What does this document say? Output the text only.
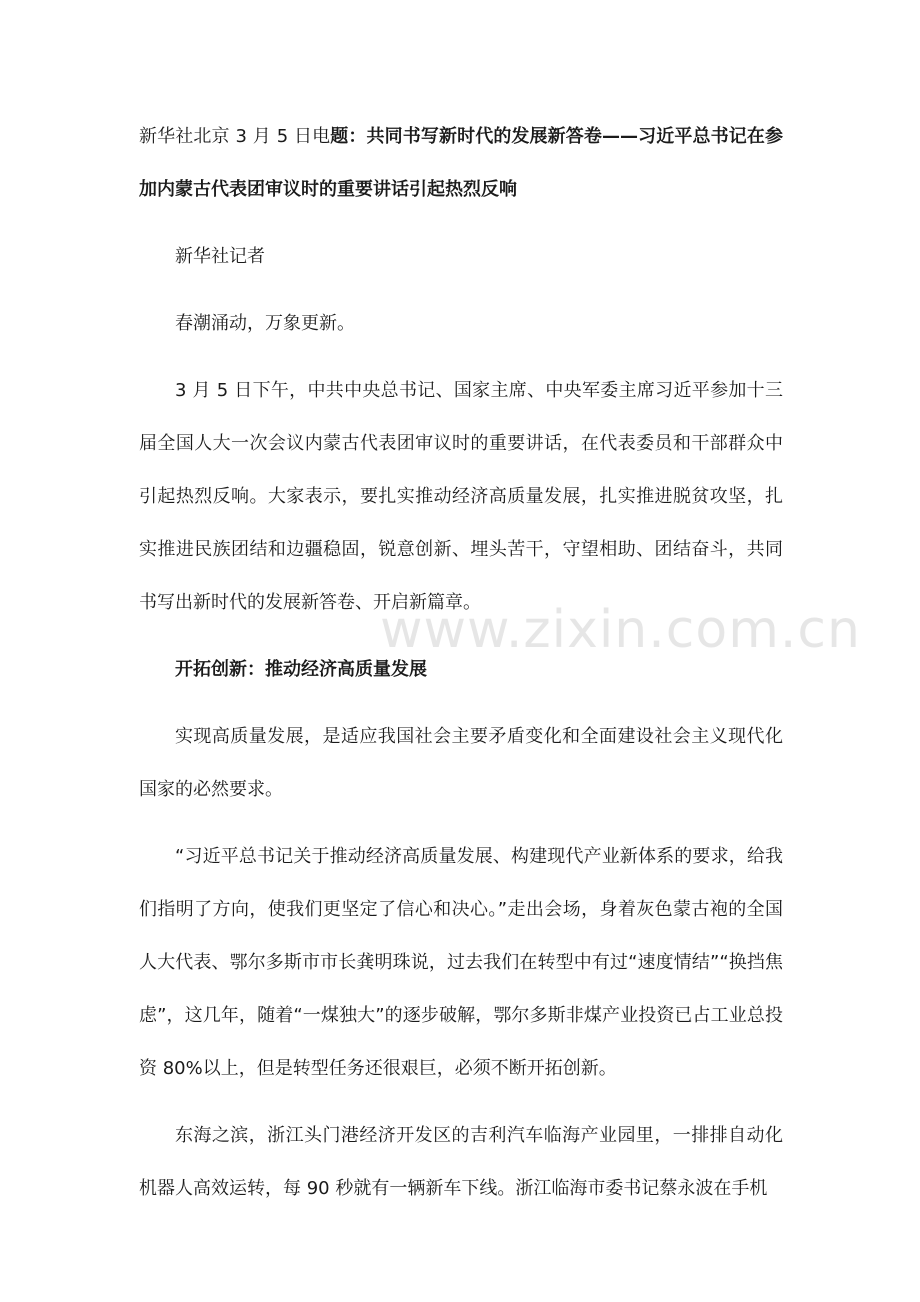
新华社北京 3 月 5 日电题：共同书写新时代的发展新答卷——习近平总书记在参加内蒙古代表团审议时的重要讲话引起热烈反响

新华社记者

春潮涌动，万象更新。

3 月 5 日下午，中共中央总书记、国家主席、中央军委主席习近平参加十三届全国人大一次会议内蒙古代表团审议时的重要讲话，在代表委员和干部群众中引起热烈反响。大家表示，要扎实推动经济高质量发展，扎实推进脱贫攻坚，扎实推进民族团结和边疆稳固，锐意创新、埋头苦干，守望相助、团结奋斗，共同书写出新时代的发展新答卷、开启新篇章。

开拓创新：推动经济高质量发展

实现高质量发展，是适应我国社会主要矛盾变化和全面建设社会主义现代化国家的必然要求。

“习近平总书记关于推动经济高质量发展、构建现代产业新体系的要求，给我们指明了方向，使我们更坚定了信心和决心。”走出会场，身着灰色蒙古袍的全国人大代表、鄂尔多斯市市长龚明珠说，过去我们在转型中有过“速度情结”“换挡焦虑”，这几年，随着“一煤独大”的逐步破解，鄂尔多斯非煤产业投资已占工业总投资 80%以上，但是转型任务还很艰巨，必须不断开拓创新。

东海之滨，浙江头门港经济开发区的吉利汽车临海产业园里，一排排自动化机器人高效运转，每 90 秒就有一辆新车下线。浙江临海市委书记蔡永波在手机

www.zixin.com.cn
